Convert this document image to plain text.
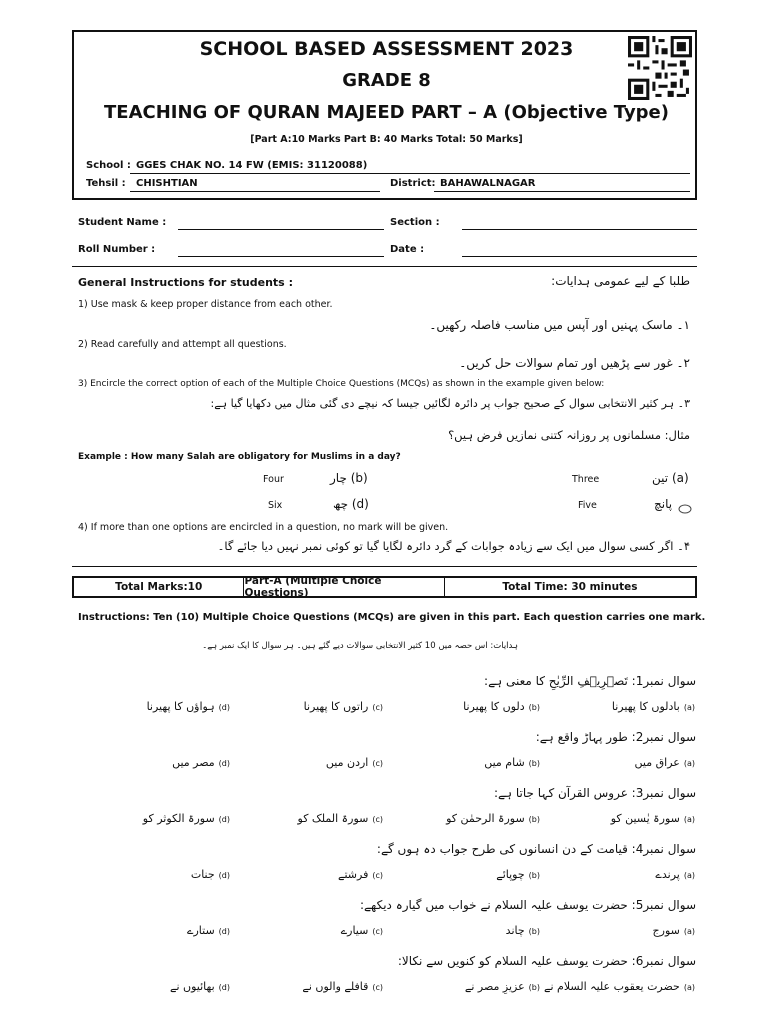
SCHOOL BASED ASSESSMENT 2023
GRADE 8
TEACHING OF QURAN MAJEED PART – A (Objective Type)
[Part A:10 Marks Part B: 40 Marks Total: 50 Marks]
School : GGES CHAK NO. 14 FW (EMIS: 31120088)
Tehsil : CHISHTIAN	District: BAHAWALNAGAR
Student Name :	Section :
Roll Number :	Date :
General Instructions for students :	طلبا کے لیے عمومی ہدایات:
1) Use mask & keep proper distance from each other.
۱۔ ماسک پہنیں اور آپس میں مناسب فاصلہ رکھیں۔
2) Read carefully and attempt all questions.
۲۔ غور سے پڑھیں اور تمام سوالات حل کریں۔
3) Encircle the correct option of each of the Multiple Choice Questions (MCQs) as shown in the example given below:
۳۔ ہر کثیر الانتخابی سوال کے صحیح جواب پر دائرہ لگائیں جیسا کہ نیچے دی گئی مثال میں دکھایا گیا ہے:
مثال: مسلمانوں پر روزانہ کتنی نمازیں فرض ہیں؟
Example : How many Salah are obligatory for Muslims in a day?
Four	چار (b)	Three	تین (a)
Six	چھ (d)	Five	پانچ
4) If more than one options are encircled in a question, no mark will be given.
۴۔ اگر کسی سوال میں ایک سے زیادہ جوابات کے گرد دائرہ لگایا گیا تو کوئی نمبر نہیں دیا جائے گا۔
Total Marks:10	Part-A (Multiple Choice Questions)	Total Time: 30 minutes
Instructions: Ten (10) Multiple Choice Questions (MCQs) are given in this part. Each question carries one mark.
ہدایات: اس حصہ میں 10 کثیر الانتخابی سوالات دیے گئے ہیں۔ ہر سوال کا ایک نمبر ہے۔
سوال نمبر1: تَصۡرِیۡفِ الرِّیٰحِ کا معنی ہے:
(a)بادلوں کا پھیرنا
(b)دلوں کا پھیرنا
(c)راتوں کا پھیرنا
(d)ہواؤں کا پھیرنا
سوال نمبر2: طور پہاڑ واقع ہے:
(a)عراق میں
(b)شام میں
(c)اردن میں
(d)مصر میں
سوال نمبر3: عروس القرآن کہا جاتا ہے:
(a)سورۃ یٰسین کو
(b)سورۃ الرحمٰن کو
(c)سورۃ الملک کو
(d)سورۃ الکوثر کو
سوال نمبر4: قیامت کے دن انسانوں کی طرح جواب دہ ہوں گے:
(a)پرندے
(b)چوپائے
(c)فرشتے
(d)جنات
سوال نمبر5: حضرت یوسف علیہ السلام نے خواب میں گیارہ دیکھے:
(a)سورج
(b)چاند
(c)سیارے
(d)ستارے
سوال نمبر6: حضرت یوسف علیہ السلام کو کنویں سے نکالا:
(a)حضرت یعقوب علیہ السلام نے
(b)عزیزِ مصر نے
(c)قافلے والوں نے
(d)بھائیوں نے
